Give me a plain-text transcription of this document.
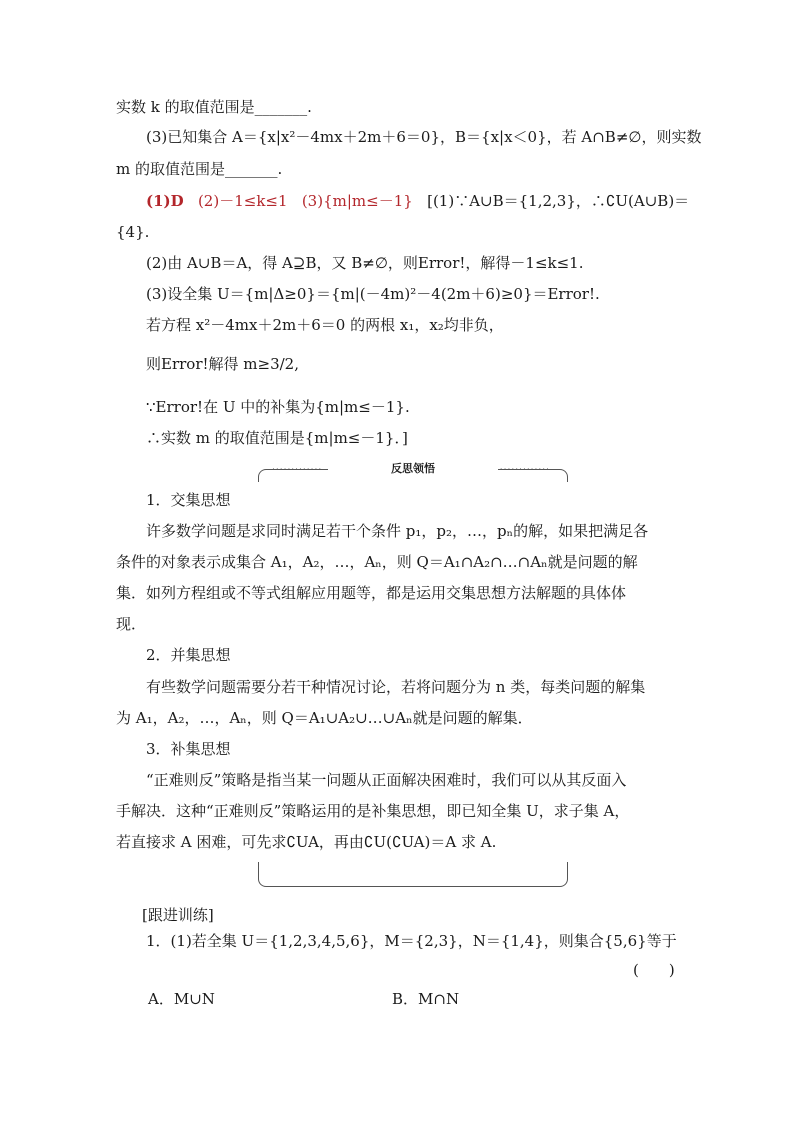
实数 k 的取值范围是_______.
(3)已知集合 A＝{x|x²－4mx＋2m＋6＝0}，B＝{x|x＜0}，若 A∩B≠∅，则实数
m 的取值范围是_______.
(1)D (2)－1≤k≤1 (3){m|m≤－1} [(1)∵A∪B＝{1,2,3}，∴∁U(A∪B)＝
{4}.
(2)由 A∪B＝A，得 A⊇B，又 B≠∅，则Error!，解得－1≤k≤1.
(3)设全集 U＝{m|Δ≥0}＝{m|(－4m)²－4(2m＋6)≥0}＝Error!.
若方程 x²－4mx＋2m＋6＝0 的两根 x₁，x₂均非负，
则Error!解得 m≥3/2,
∵Error!在 U 中的补集为{m|m≤－1}.
∴实数 m 的取值范围是{m|m≤－1}．]
·············	·············
反思领悟
1．交集思想
许多数学问题是求同时满足若干个条件 p₁，p₂，…，pₙ的解，如果把满足各
条件的对象表示成集合 A₁，A₂，…，Aₙ，则 Q＝A₁∩A₂∩…∩Aₙ就是问题的解
集．如列方程组或不等式组解应用题等，都是运用交集思想方法解题的具体体
现．
2．并集思想
有些数学问题需要分若干种情况讨论，若将问题分为 n 类，每类问题的解集
为 A₁，A₂，…，Aₙ，则 Q＝A₁∪A₂∪…∪Aₙ就是问题的解集．
3．补集思想
“正难则反”策略是指当某一问题从正面解决困难时，我们可以从其反面入
手解决．这种“正难则反”策略运用的是补集思想，即已知全集 U，求子集 A，
若直接求 A 困难，可先求∁UA，再由∁U(∁UA)＝A 求 A.
[跟进训练]
1．(1)若全集 U＝{1,2,3,4,5,6}，M＝{2,3}，N＝{1,4}，则集合{5,6}等于
(　　)
A．M∪N	B．M∩N
